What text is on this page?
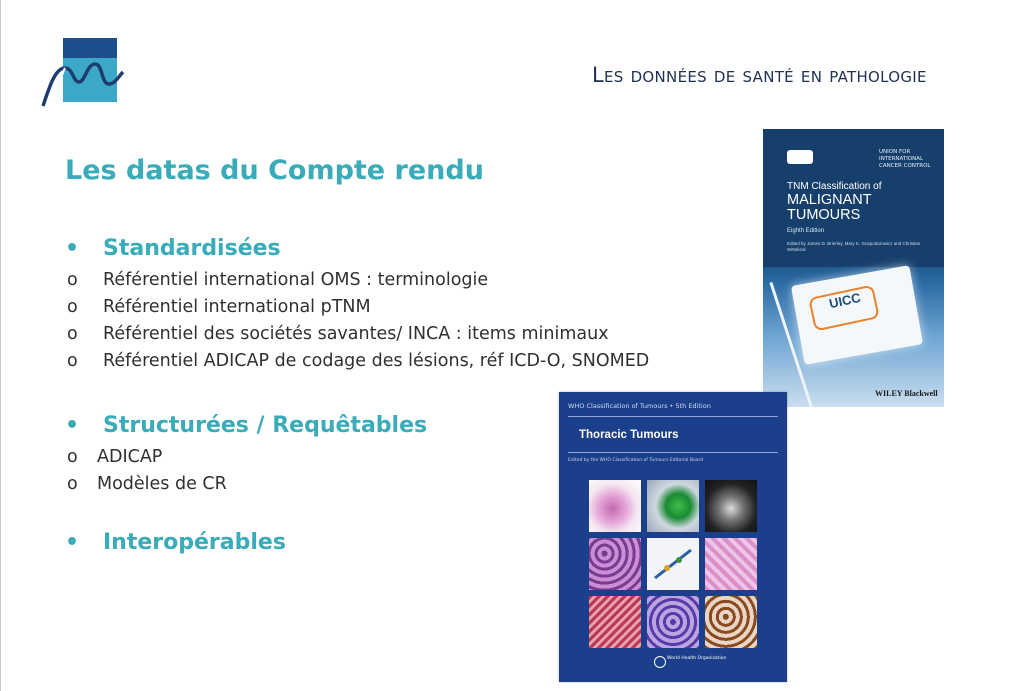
Les données de santé en pathologie
Les datas du Compte rendu
• Standardisées
o Référentiel international OMS : terminologie
o Référentiel international pTNM
o Référentiel des sociétés savantes/ INCA : items minimaux
o Référentiel ADICAP de codage des lésions, réf ICD-O, SNOMED
• Structurées / Requêtables
o ADICAP
o Modèles de CR
• Interopérables
UNION FOR INTERNATIONAL CANCER CONTROL
TNM Classification of
MALIGNANT
TUMOURS
Eighth Edition
Edited by James D. Brierley, Mary K. Gospodarowicz and Christian Wittekind
UICC
WILEY Blackwell
WHO Classification of Tumours • 5th Edition
Thoracic Tumours
Edited by the WHO Classification of Tumours Editorial Board
World Health Organization
